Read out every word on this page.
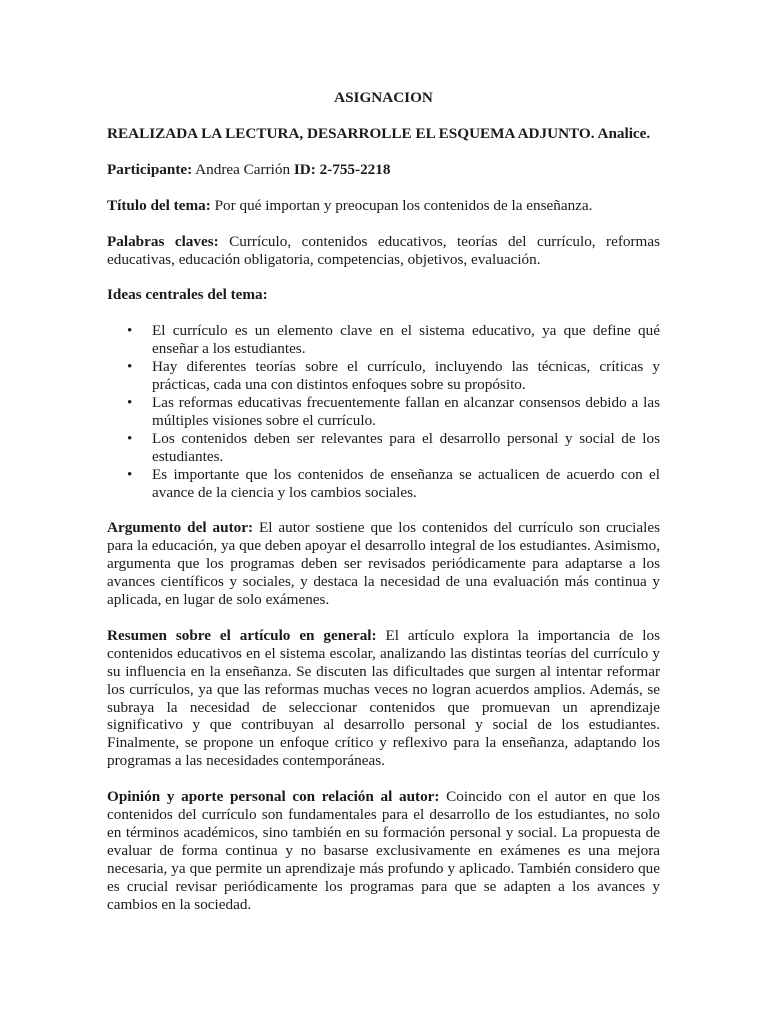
ASIGNACION

REALIZADA LA LECTURA, DESARROLLE EL ESQUEMA ADJUNTO. Analice.

Participante: Andrea Carrión ID: 2-755-2218

Título del tema: Por qué importan y preocupan los contenidos de la enseñanza.

Palabras claves: Currículo, contenidos educativos, teorías del currículo, reformas educativas, educación obligatoria, competencias, objetivos, evaluación.

Ideas centrales del tema:
• El currículo es un elemento clave en el sistema educativo, ya que define qué enseñar a los estudiantes.
• Hay diferentes teorías sobre el currículo, incluyendo las técnicas, críticas y prácticas, cada una con distintos enfoques sobre su propósito.
• Las reformas educativas frecuentemente fallan en alcanzar consensos debido a las múltiples visiones sobre el currículo.
• Los contenidos deben ser relevantes para el desarrollo personal y social de los estudiantes.
• Es importante que los contenidos de enseñanza se actualicen de acuerdo con el avance de la ciencia y los cambios sociales.

Argumento del autor: El autor sostiene que los contenidos del currículo son cruciales para la educación, ya que deben apoyar el desarrollo integral de los estudiantes. Asimismo, argumenta que los programas deben ser revisados periódicamente para adaptarse a los avances científicos y sociales, y destaca la necesidad de una evaluación más continua y aplicada, en lugar de solo exámenes.

Resumen sobre el artículo en general: El artículo explora la importancia de los contenidos educativos en el sistema escolar, analizando las distintas teorías del currículo y su influencia en la enseñanza. Se discuten las dificultades que surgen al intentar reformar los currículos, ya que las reformas muchas veces no logran acuerdos amplios. Además, se subraya la necesidad de seleccionar contenidos que promuevan un aprendizaje significativo y que contribuyan al desarrollo personal y social de los estudiantes. Finalmente, se propone un enfoque crítico y reflexivo para la enseñanza, adaptando los programas a las necesidades contemporáneas.

Opinión y aporte personal con relación al autor: Coincido con el autor en que los contenidos del currículo son fundamentales para el desarrollo de los estudiantes, no solo en términos académicos, sino también en su formación personal y social. La propuesta de evaluar de forma continua y no basarse exclusivamente en exámenes es una mejora necesaria, ya que permite un aprendizaje más profundo y aplicado. También considero que es crucial revisar periódicamente los programas para que se adapten a los avances y cambios en la sociedad.
